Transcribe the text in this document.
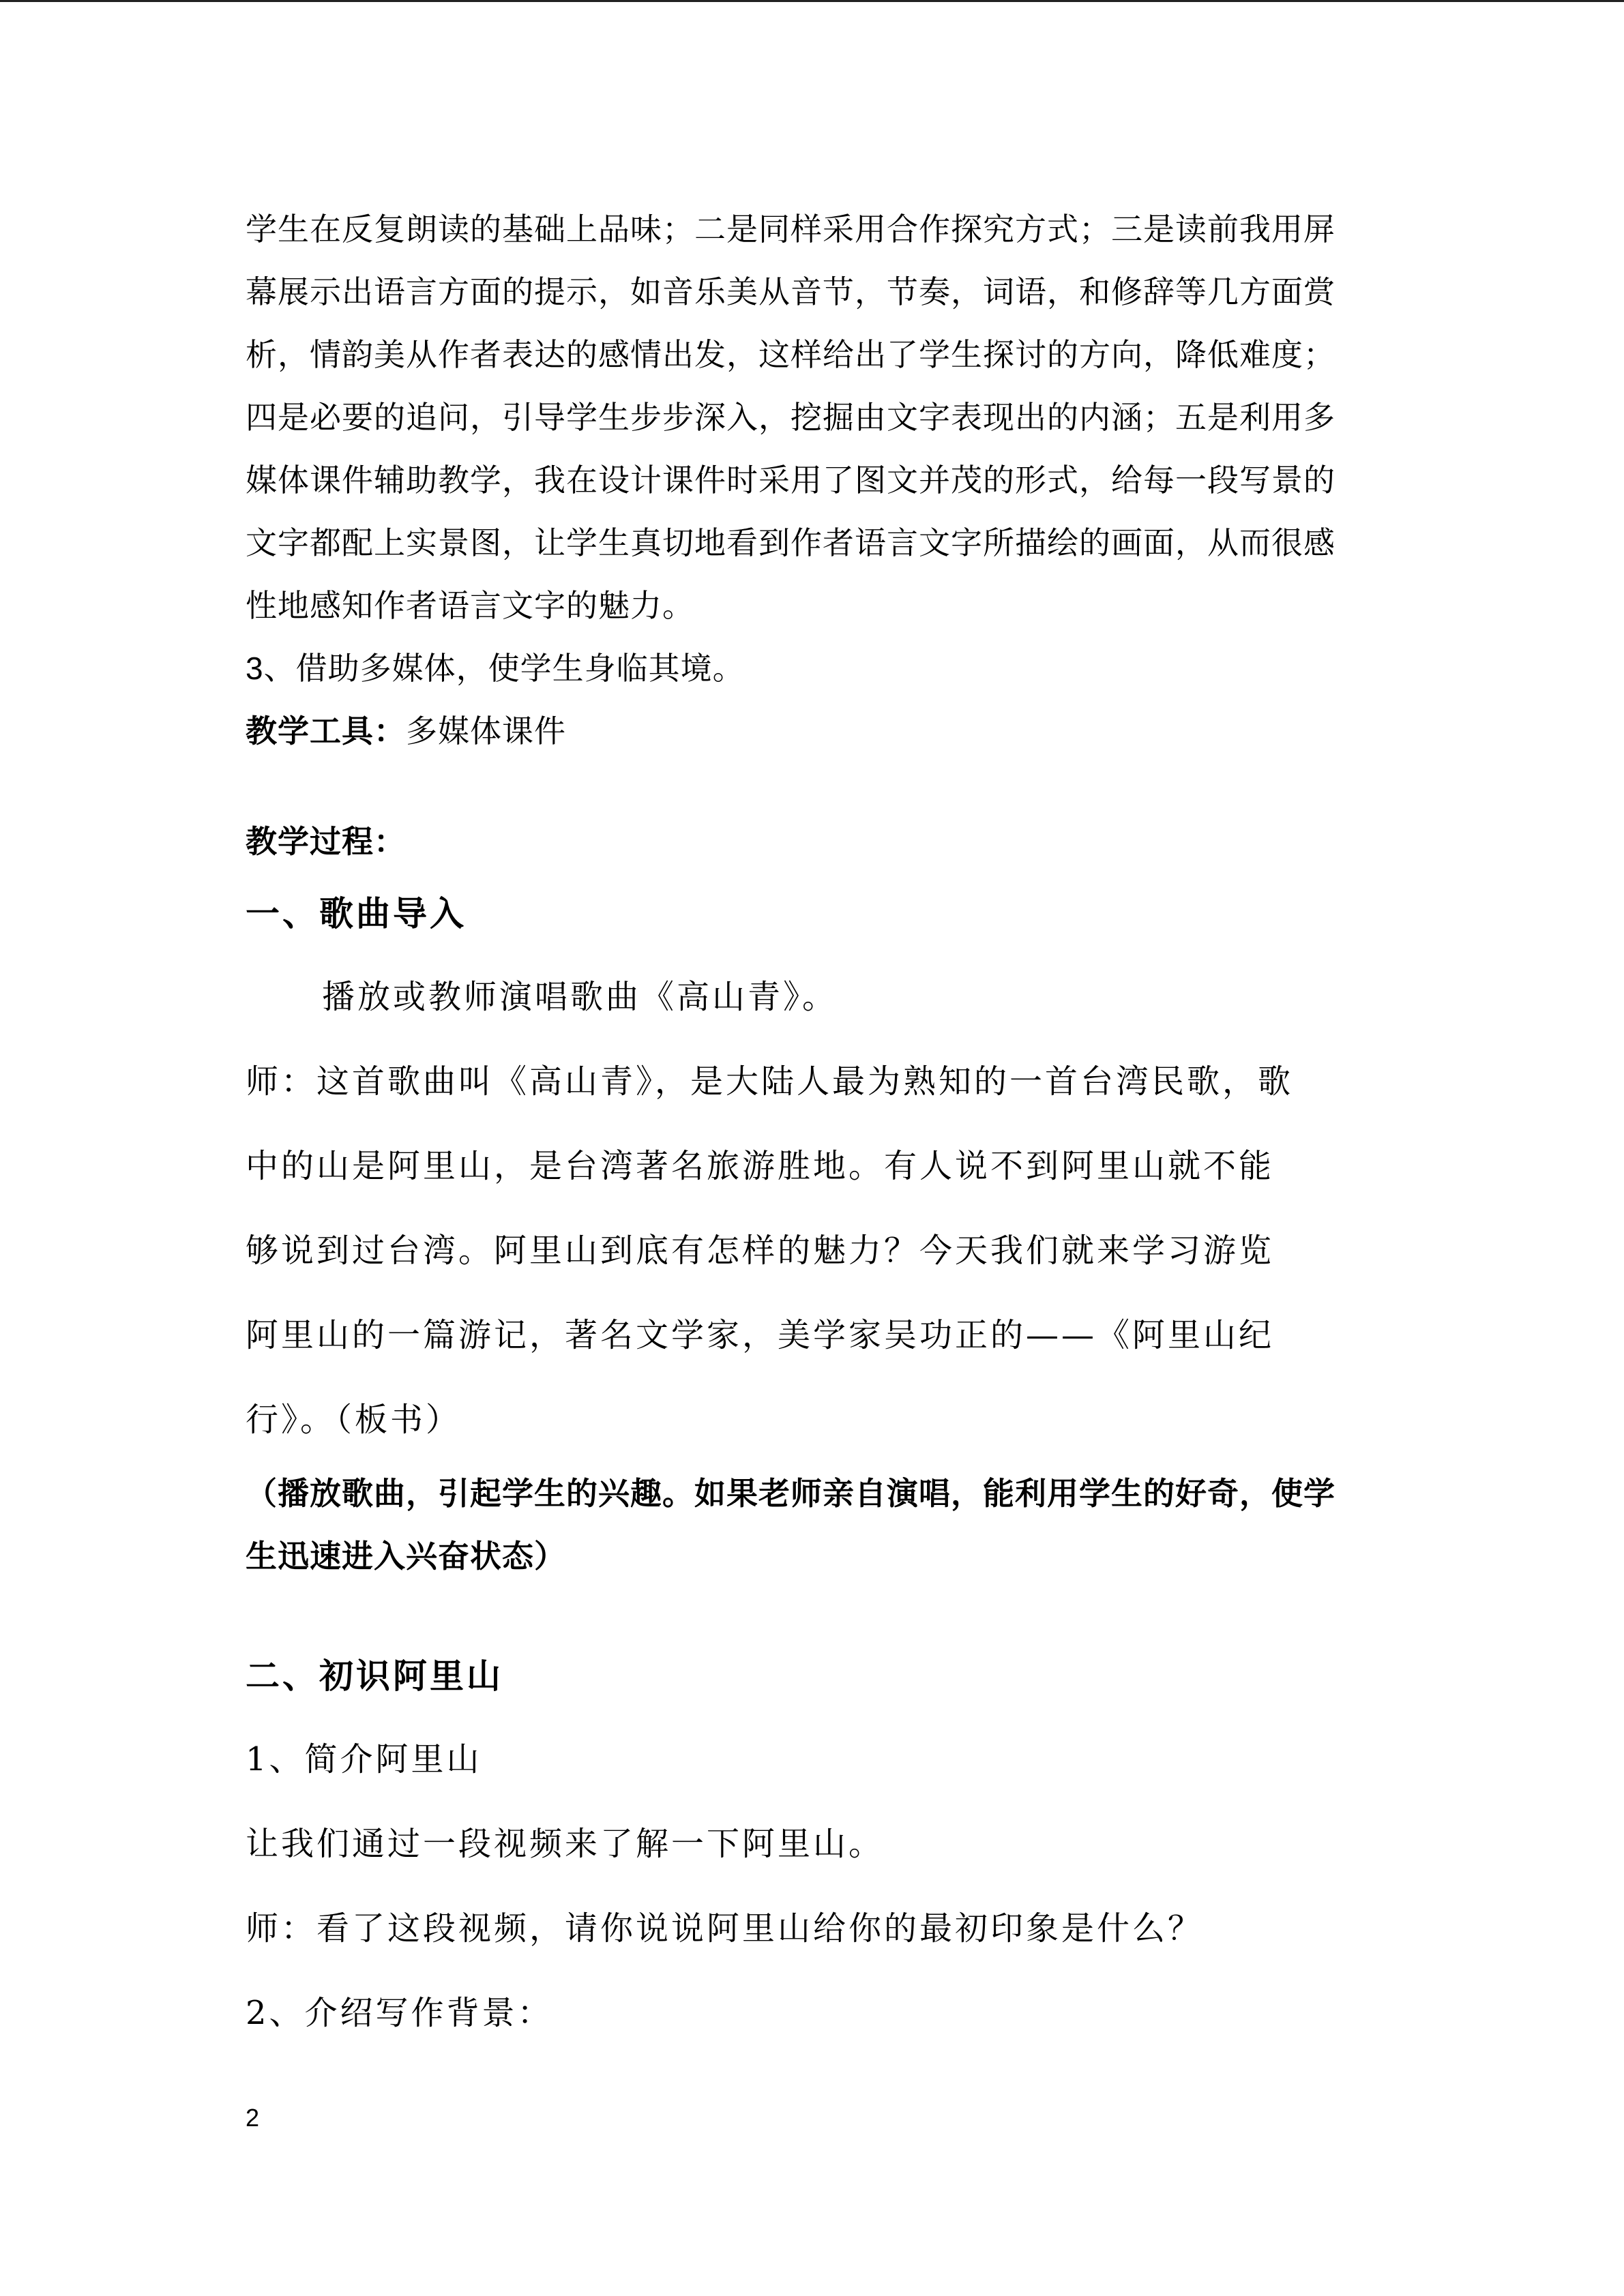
学生在反复朗读的基础上品味；二是同样采用合作探究方式；三是读前我用屏

幕展示出语言方面的提示，如音乐美从音节，节奏，词语，和修辞等几方面赏

析，情韵美从作者表达的感情出发，这样给出了学生探讨的方向，降低难度；

四是必要的追问，引导学生步步深入，挖掘由文字表现出的内涵；五是利用多

媒体课件辅助教学，我在设计课件时采用了图文并茂的形式，给每一段写景的

文字都配上实景图，让学生真切地看到作者语言文字所描绘的画面，从而很感

性地感知作者语言文字的魅力。

3、借助多媒体，使学生身临其境。

教学工具：多媒体课件

教学过程：

一、歌曲导入

播放或教师演唱歌曲《高山青》。

师：这首歌曲叫《高山青》，是大陆人最为熟知的一首台湾民歌，歌

中的山是阿里山，是台湾著名旅游胜地。有人说不到阿里山就不能

够说到过台湾。阿里山到底有怎样的魅力？今天我们就来学习游览

阿里山的一篇游记，著名文学家，美学家吴功正的——《阿里山纪

行》。（板书）

（播放歌曲，引起学生的兴趣。如果老师亲自演唱，能利用学生的好奇，使学

生迅速进入兴奋状态）

二、初识阿里山

1、简介阿里山

让我们通过一段视频来了解一下阿里山。

师：看了这段视频，请你说说阿里山给你的最初印象是什么？

2、介绍写作背景：

2
